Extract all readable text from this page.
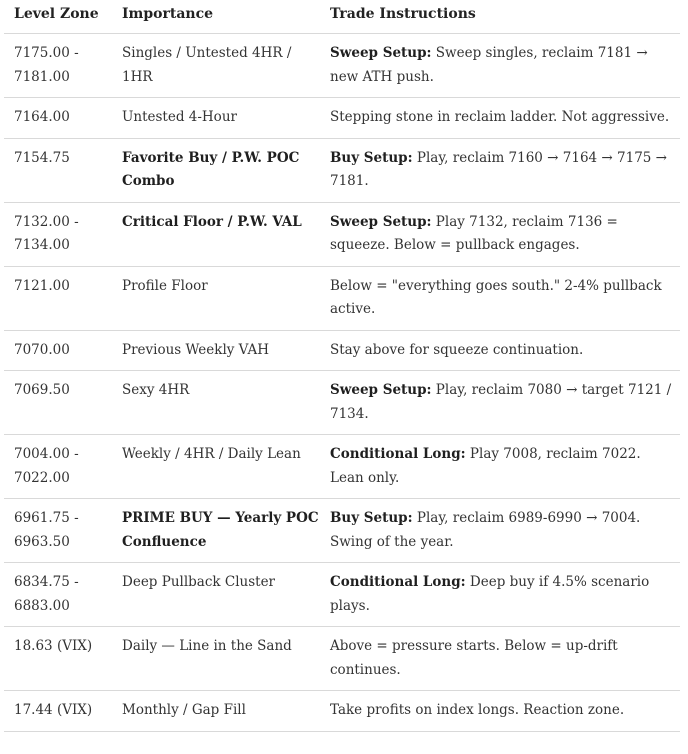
Level Zone	Importance	Trade Instructions
7175.00 - 7181.00	Singles / Untested 4HR / 1HR	Sweep Setup: Sweep singles, reclaim 7181 → new ATH push.
7164.00	Untested 4-Hour	Stepping stone in reclaim ladder. Not aggressive.
7154.75	Favorite Buy / P.W. POC Combo	Buy Setup: Play, reclaim 7160 → 7164 → 7175 → 7181.
7132.00 - 7134.00	Critical Floor / P.W. VAL	Sweep Setup: Play 7132, reclaim 7136 = squeeze. Below = pullback engages.
7121.00	Profile Floor	Below = "everything goes south." 2-4% pullback active.
7070.00	Previous Weekly VAH	Stay above for squeeze continuation.
7069.50	Sexy 4HR	Sweep Setup: Play, reclaim 7080 → target 7121 / 7134.
7004.00 - 7022.00	Weekly / 4HR / Daily Lean	Conditional Long: Play 7008, reclaim 7022. Lean only.
6961.75 - 6963.50	PRIME BUY — Yearly POC Confluence	Buy Setup: Play, reclaim 6989-6990 → 7004. Swing of the year.
6834.75 - 6883.00	Deep Pullback Cluster	Conditional Long: Deep buy if 4.5% scenario plays.
18.63 (VIX)	Daily — Line in the Sand	Above = pressure starts. Below = up-drift continues.
17.44 (VIX)	Monthly / Gap Fill	Take profits on index longs. Reaction zone.
